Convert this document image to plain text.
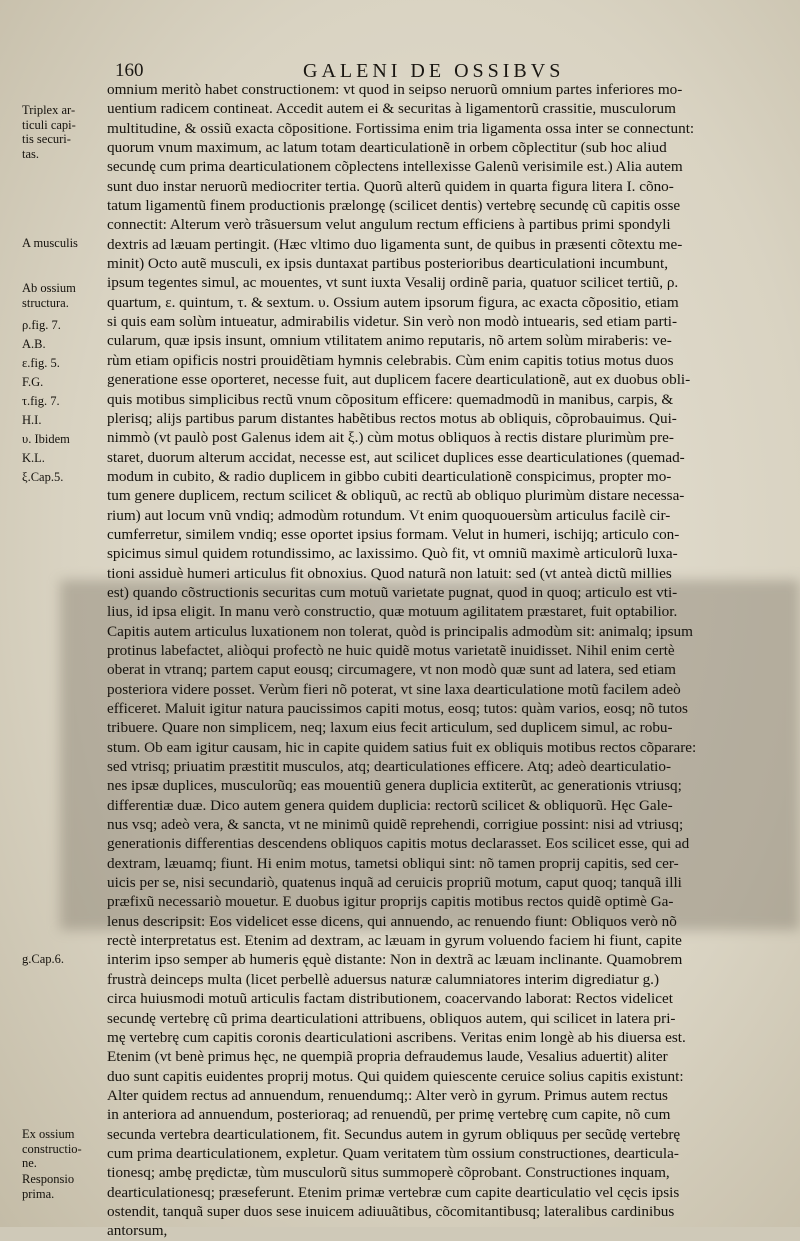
160	GALENI DE OSSIBVS
Triplex ar-
ticuli capi-
tis securi-
tas.
A musculis
Ab ossium
structura.
ρ.fig. 7.
Α.Β.
ε.fig. 5.
F.G.
τ.fig. 7.
Η.Ι.
υ. Ibidem
Κ.L.
ξ.Cap.5.
g.Cap.6.
Ex ossium
constructio-
ne.
Responsio
prima.
omnium meritò habet constructionem: vt quod in seipso neruorũ omnium partes inferiores mo-
uentium radicem contineat. Accedit autem ei & securitas à ligamentorũ crassitie, musculorum
multitudine, & ossiũ exacta cõpositione. Fortissima enim tria ligamenta ossa inter se connectunt:
quorum vnum maximum, ac latum totam dearticulationẽ in orbem cõplectitur (sub hoc aliud
secundę cum prima dearticulationem cõplectens intellexisse Galenũ verisimile est.) Alia autem
sunt duo instar neruorũ mediocriter tertia. Quorũ alterũ quidem in quarta figura litera I. cõno-
tatum ligamentũ finem productionis prælongę (scilicet dentis) vertebrę secundę cũ capitis osse
connectit: Alterum verò trãsuersum velut angulum rectum efficiens à partibus primi spondyli
dextris ad læuam pertingit. (Hæc vltimo duo ligamenta sunt, de quibus in præsenti cõtextu me-
minit) Octo autẽ musculi, ex ipsis duntaxat partibus posterioribus dearticulationi incumbunt,
ipsum tegentes simul, ac mouentes, vt sunt iuxta Vesalij ordinẽ paria, quatuor scilicet tertiũ, ρ.
quartum, ε. quintum, τ. & sextum. υ. Ossium autem ipsorum figura, ac exacta cõpositio, etiam
si quis eam solùm intueatur, admirabilis videtur. Sin verò non modò intuearis, sed etiam parti-
cularum, quæ ipsis insunt, omnium vtilitatem animo reputaris, nõ artem solùm miraberis: ve-
rùm etiam opificis nostri prouidẽtiam hymnis celebrabis. Cùm enim capitis totius motus duos
generatione esse oporteret, necesse fuit, aut duplicem facere dearticulationẽ, aut ex duobus obli-
quis motibus simplicibus rectũ vnum cõpositum efficere: quemadmodũ in manibus, carpis, &
plerisq; alijs partibus parum distantes habẽtibus rectos motus ab obliquis, cõprobauimus. Qui-
nimmò (vt paulò post Galenus idem ait ξ.) cùm motus obliquos à rectis distare plurimùm pre-
staret, duorum alterum accidat, necesse est, aut scilicet duplices esse dearticulationes (quemad-
modum in cubito, & radio duplicem in gibbo cubiti dearticulationẽ conspicimus, propter mo-
tum genere duplicem, rectum scilicet & obliquũ, ac rectũ ab obliquo plurimùm distare necessa-
rium) aut locum vnũ vndiq; admodùm rotundum. Vt enim quoquouersùm articulus facilè cir-
cumferretur, similem vndiq; esse oportet ipsius formam. Velut in humeri, ischijq; articulo con-
spicimus simul quidem rotundissimo, ac laxissimo. Quò fit, vt omniũ maximè articulorũ luxa-
tioni assiduè humeri articulus fit obnoxius. Quod naturã non latuit: sed (vt anteà dictũ millies
est) quando cõstructionis securitas cum motuũ varietate pugnat, quod in quoq; articulo est vti-
lius, id ipsa eligit. In manu verò constructio, quæ motuum agilitatem præstaret, fuit optabilior.
Capitis autem articulus luxationem non tolerat, quòd is principalis admodùm sit: animalq; ipsum
protinus labefactet, aliòqui profectò ne huic quidẽ motus varietatẽ inuidisset. Nihil enim certè
oberat in vtranq; partem caput eousq; circumagere, vt non modò quæ sunt ad latera, sed etiam
posteriora videre posset. Verùm fieri nõ poterat, vt sine laxa dearticulatione motũ facilem adeò
efficeret. Maluit igitur natura paucissimos capiti motus, eosq; tutos: quàm varios, eosq; nõ tutos
tribuere. Quare non simplicem, neq; laxum eius fecit articulum, sed duplicem simul, ac robu-
stum. Ob eam igitur causam, hic in capite quidem satius fuit ex obliquis motibus rectos cõparare:
sed vtrisq; priuatim præstitit musculos, atq; dearticulationes efficere. Atq; adeò dearticulatio-
nes ipsæ duplices, musculorũq; eas mouentiũ genera duplicia extiterũt, ac generationis vtriusq;
differentiæ duæ. Dico autem genera quidem duplicia: rectorũ scilicet & obliquorũ. Hęc Gale-
nus vsq; adeò vera, & sancta, vt ne minimũ quidẽ reprehendi, corrigiue possint: nisi ad vtriusq;
generationis differentias descendens obliquos capitis motus declarasset. Eos scilicet esse, qui ad
dextram, læuamq; fiunt. Hi enim motus, tametsi obliqui sint: nõ tamen proprij capitis, sed cer-
uicis per se, nisi secundariò, quatenus inquã ad ceruicis propriũ motum, caput quoq; tanquã illi
præfixũ necessariò mouetur. E duobus igitur proprijs capitis motibus rectos quidẽ optimè Ga-
lenus descripsit: Eos videlicet esse dicens, qui annuendo, ac renuendo fiunt: Obliquos verò nõ
rectè interpretatus est. Etenim ad dextram, ac læuam in gyrum voluendo faciem hi fiunt, capite
interim ipso semper ab humeris ęquè distante: Non in dextrã ac læuam inclinante. Quamobrem
frustrà deinceps multa (licet perbellè aduersus naturæ calumniatores interim digrediatur g.)
circa huiusmodi motuũ articulis factam distributionem, coacervando laborat: Rectos videlicet
secundę vertebrę cũ prima dearticulationi attribuens, obliquos autem, qui scilicet in latera pri-
mę vertebrę cum capitis coronis dearticulationi ascribens. Veritas enim longè ab his diuersa est.
Etenim (vt benè primus hęc, ne quempiã propria defraudemus laude, Vesalius aduertit) aliter
duo sunt capitis euidentes proprij motus. Qui quidem quiescente ceruice solius capitis existunt:
Alter quidem rectus ad annuendum, renuendumq;: Alter verò in gyrum. Primus autem rectus
in anteriora ad annuendum, posterioraq; ad renuendũ, per primę vertebrę cum capite, nõ cum
secunda vertebra dearticulationem, fit. Secundus autem in gyrum obliquus per secũdę vertebrę
cum prima dearticulationem, expletur. Quam veritatem tùm ossium constructiones, dearticula-
tionesq; ambę prędictæ, tùm musculorũ situs summoperè cõprobant. Constructiones inquam,
dearticulationesq; præseferunt. Etenim primæ vertebræ cum capite dearticulatio vel cęcis ipsis
ostendit, tanquã super duos sese inuicem adiuuãtibus, cõcomitantibusq; lateralibus cardinibus
antorsum,
